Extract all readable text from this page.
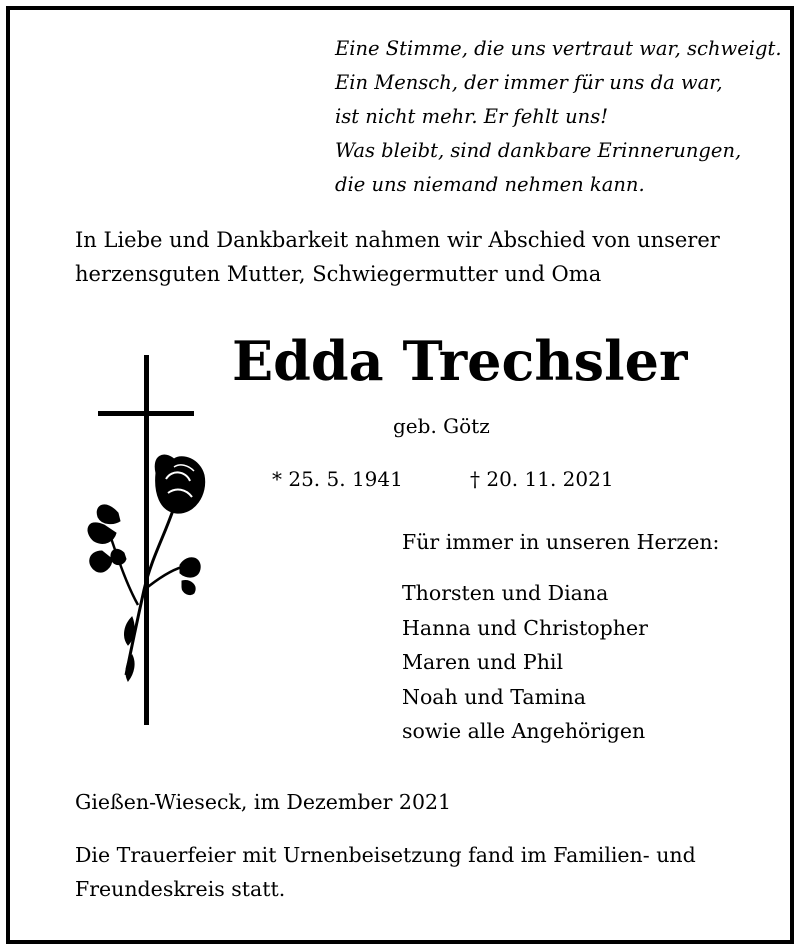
Eine Stimme, die uns vertraut war, schweigt.
Ein Mensch, der immer für uns da war,
ist nicht mehr. Er fehlt uns!
Was bleibt, sind dankbare Erinnerungen,
die uns niemand nehmen kann.
In Liebe und Dankbarkeit nahmen wir Abschied von unserer
herzensguten Mutter, Schwiegermutter und Oma
Edda Trechsler
geb. Götz
* 25. 5. 1941	† 20. 11. 2021
Für immer in unseren Herzen:
Thorsten und Diana
Hanna und Christopher
Maren und Phil
Noah und Tamina
sowie alle Angehörigen
Gießen-Wieseck, im Dezember 2021
Die Trauerfeier mit Urnenbeisetzung fand im Familien- und
Freundeskreis statt.
